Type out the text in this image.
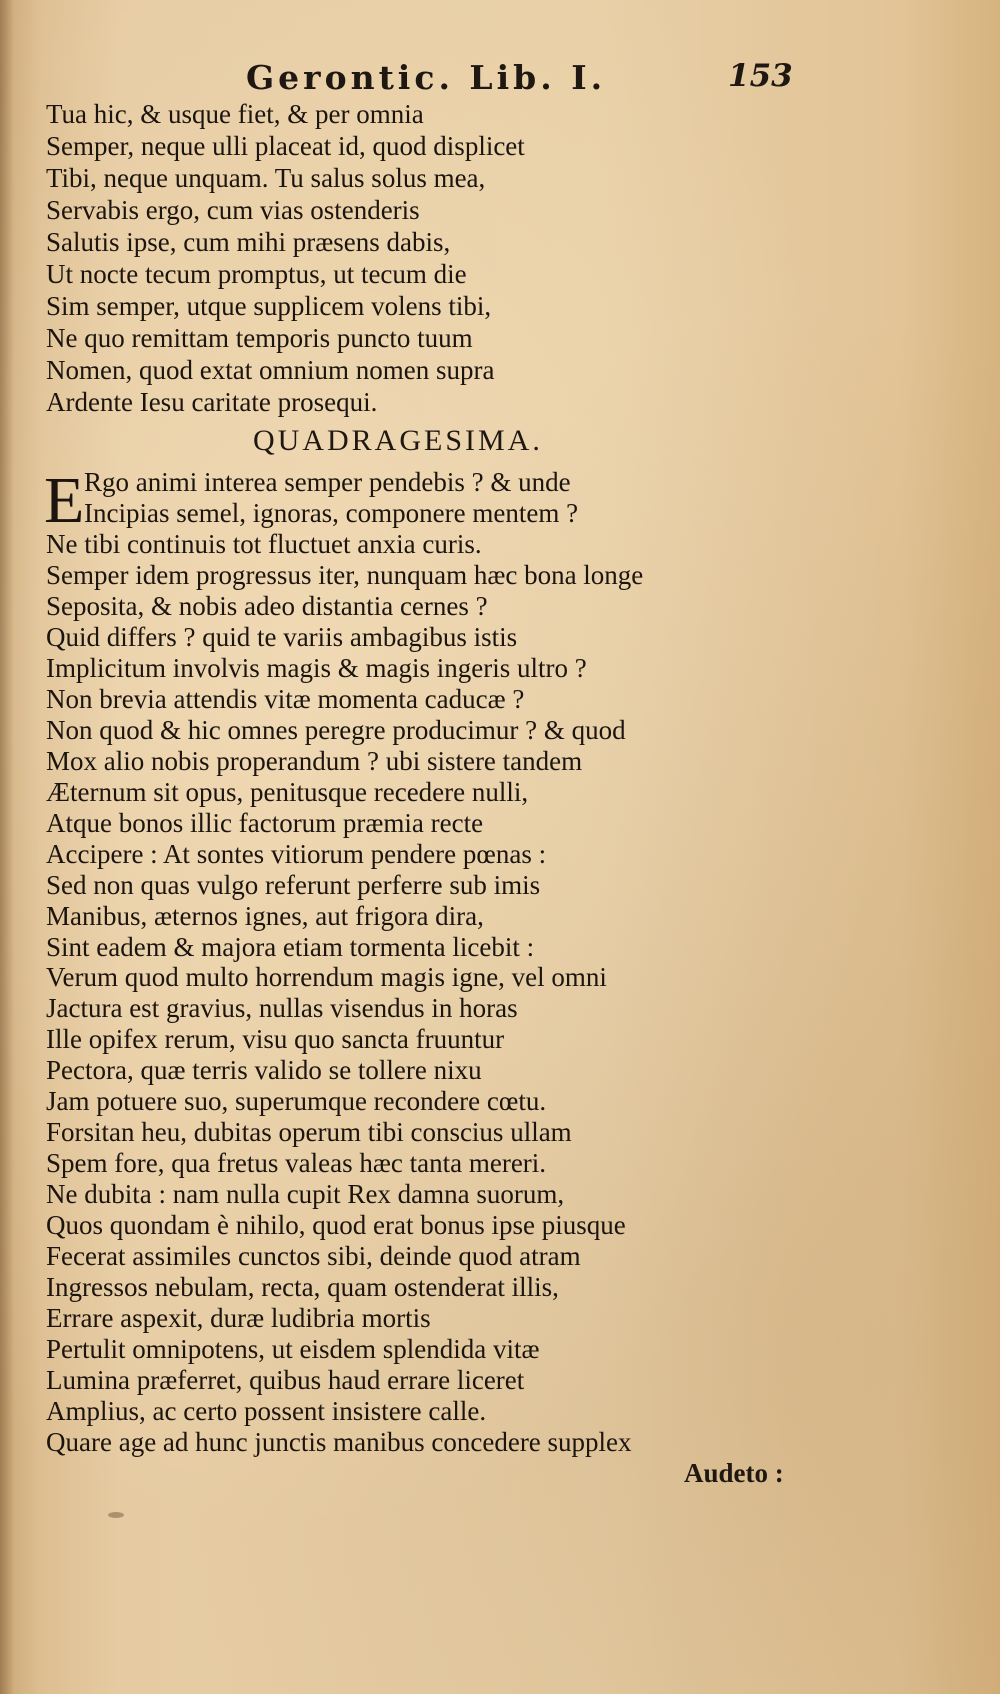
Gerontic. Lib. I.	153
Tua hic, & usque fiet, & per omnia
Semper, neque ulli placeat id, quod displicet
Tibi, neque unquam. Tu salus solus mea,
Servabis ergo, cum vias ostenderis
Salutis ipse, cum mihi præsens dabis,
Ut nocte tecum promptus, ut tecum die
Sim semper, utque supplicem volens tibi,
Ne quo remittam temporis puncto tuum
Nomen, quod extat omnium nomen supra
Ardente Iesu caritate prosequi.
QUADRAGESIMA.
E Rgo animi interea semper pendebis ? & unde
Incipias semel, ignoras, componere mentem ?
Ne tibi continuis tot fluctuet anxia curis.
Semper idem progressus iter, nunquam hæc bona longe
Seposita, & nobis adeo distantia cernes ?
Quid differs ? quid te variis ambagibus istis
Implicitum involvis magis & magis ingeris ultro ?
Non brevia attendis vitæ momenta caducæ ?
Non quod & hic omnes peregre producimur ? & quod
Mox alio nobis properandum ? ubi sistere tandem
Æternum sit opus, penitusque recedere nulli,
Atque bonos illic factorum præmia recte
Accipere : At sontes vitiorum pendere pœnas :
Sed non quas vulgo referunt perferre sub imis
Manibus, æternos ignes, aut frigora dira,
Sint eadem & majora etiam tormenta licebit :
Verum quod multo horrendum magis igne, vel omni
Jactura est gravius, nullas visendus in horas
Ille opifex rerum, visu quo sancta fruuntur
Pectora, quæ terris valido se tollere nixu
Jam potuere suo, superumque recondere cœtu.
Forsitan heu, dubitas operum tibi conscius ullam
Spem fore, qua fretus valeas hæc tanta mereri.
Ne dubita : nam nulla cupit Rex damna suorum,
Quos quondam è nihilo, quod erat bonus ipse piusque
Fecerat assimiles cunctos sibi, deinde quod atram
Ingressos nebulam, recta, quam ostenderat illis,
Errare aspexit, duræ ludibria mortis
Pertulit omnipotens, ut eisdem splendida vitæ
Lumina præferret, quibus haud errare liceret
Amplius, ac certo possent insistere calle.
Quare age ad hunc junctis manibus concedere supplex
Audeto :
